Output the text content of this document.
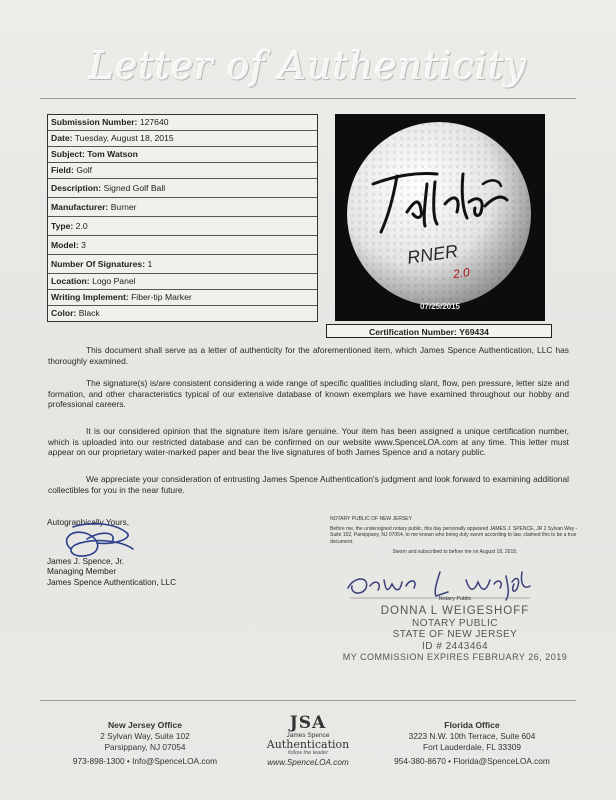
Letter of Authenticity
Submission Number: 127640
Date: Tuesday, August 18, 2015
Subject: Tom Watson
Field: Golf
Description: Signed Golf Ball
Manufacturer: Burner
Type: 2.0
Model: 3
Number Of Signatures: 1
Location: Logo Panel
Writing Implement: Fiber-tip Marker
Color: Black
RNER
2.0
07/25/2015
Certification Number: Y69434
This document shall serve as a letter of authenticity for the aforementioned item, which James Spence Authentication, LLC has thoroughly examined.
The signature(s) is/are consistent considering a wide range of specific qualities including slant, flow, pen pressure, letter size and formation, and other characteristics typical of our extensive database of known exemplars we have examined throughout our hobby and professional careers.
It is our considered opinion that the signature item is/are genuine. Your item has been assigned a unique certification number, which is uploaded into our restricted database and can be confirmed on our website www.SpenceLOA.com at any time. This letter must appear on our proprietary water-marked paper and bear the live signatures of both James Spence and a notary public.
We appreciate your consideration of entrusting James Spence Authentication's judgment and look forward to examining additional collectibles for you in the near future.
Autographically Yours,
James J. Spence, Jr.
Managing Member
James Spence Authentication, LLC
NOTARY PUBLIC OF NEW JERSEY
Before me, the undersigned notary public, this day personally appeared JAMES J. SPENCE, JR 2 Sylvan Way - Suite 102, Parsippany, NJ 07054, to me known who being duly sworn according to law, claimed this to be a true document.
Sworn and subscribed to before me on August 18, 2015.
Notary Public
DONNA L WEIGESHOFF
NOTARY PUBLIC
STATE OF NEW JERSEY
ID # 2443464
MY COMMISSION EXPIRES FEBRUARY 26, 2019
New Jersey Office
2 Sylvan Way, Suite 102
Parsippany, NJ 07054
973-898-1300 • Info@SpenceLOA.com
JSA
James Spence
Authentication
follow the leader
www.SpenceLOA.com
Florida Office
3223 N.W. 10th Terrace, Suite 604
Fort Lauderdale, FL 33309
954-380-8670 • Florida@SpenceLOA.com
